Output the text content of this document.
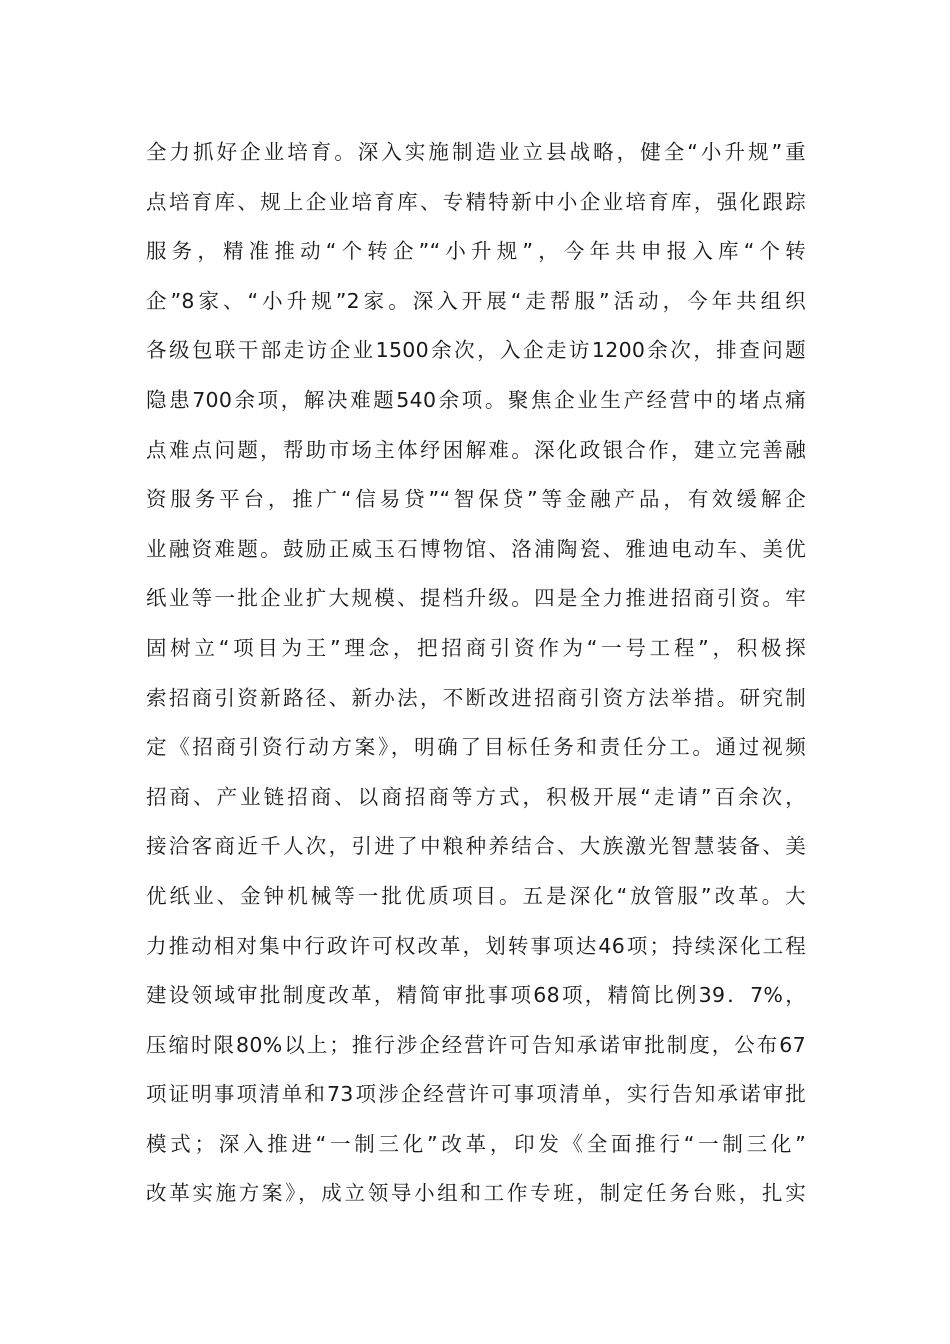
全力抓好企业培育。深入实施制造业立县战略，健全“小升规”重
点培育库、规上企业培育库、专精特新中小企业培育库，强化跟踪
服务，精准推动“个转企”“小升规”，今年共申报入库“个转
企”8家、“小升规”2家。深入开展“走帮服”活动，今年共组织
各级包联干部走访企业1500余次，入企走访1200余次，排查问题
隐患700余项，解决难题540余项。聚焦企业生产经营中的堵点痛
点难点问题，帮助市场主体纾困解难。深化政银合作，建立完善融
资服务平台，推广“信易贷”“智保贷”等金融产品，有效缓解企
业融资难题。鼓励正威玉石博物馆、洛浦陶瓷、雅迪电动车、美优
纸业等一批企业扩大规模、提档升级。四是全力推进招商引资。牢
固树立“项目为王”理念，把招商引资作为“一号工程”，积极探
索招商引资新路径、新办法，不断改进招商引资方法举措。研究制
定《招商引资行动方案》，明确了目标任务和责任分工。通过视频
招商、产业链招商、以商招商等方式，积极开展“走请”百余次，
接洽客商近千人次，引进了中粮种养结合、大族激光智慧装备、美
优纸业、金钟机械等一批优质项目。五是深化“放管服”改革。大
力推动相对集中行政许可权改革，划转事项达46项；持续深化工程
建设领域审批制度改革，精简审批事项68项，精简比例39．7%，
压缩时限80%以上；推行涉企经营许可告知承诺审批制度，公布67
项证明事项清单和73项涉企经营许可事项清单，实行告知承诺审批
模式；深入推进“一制三化”改革，印发《全面推行“一制三化”
改革实施方案》，成立领导小组和工作专班，制定任务台账，扎实
